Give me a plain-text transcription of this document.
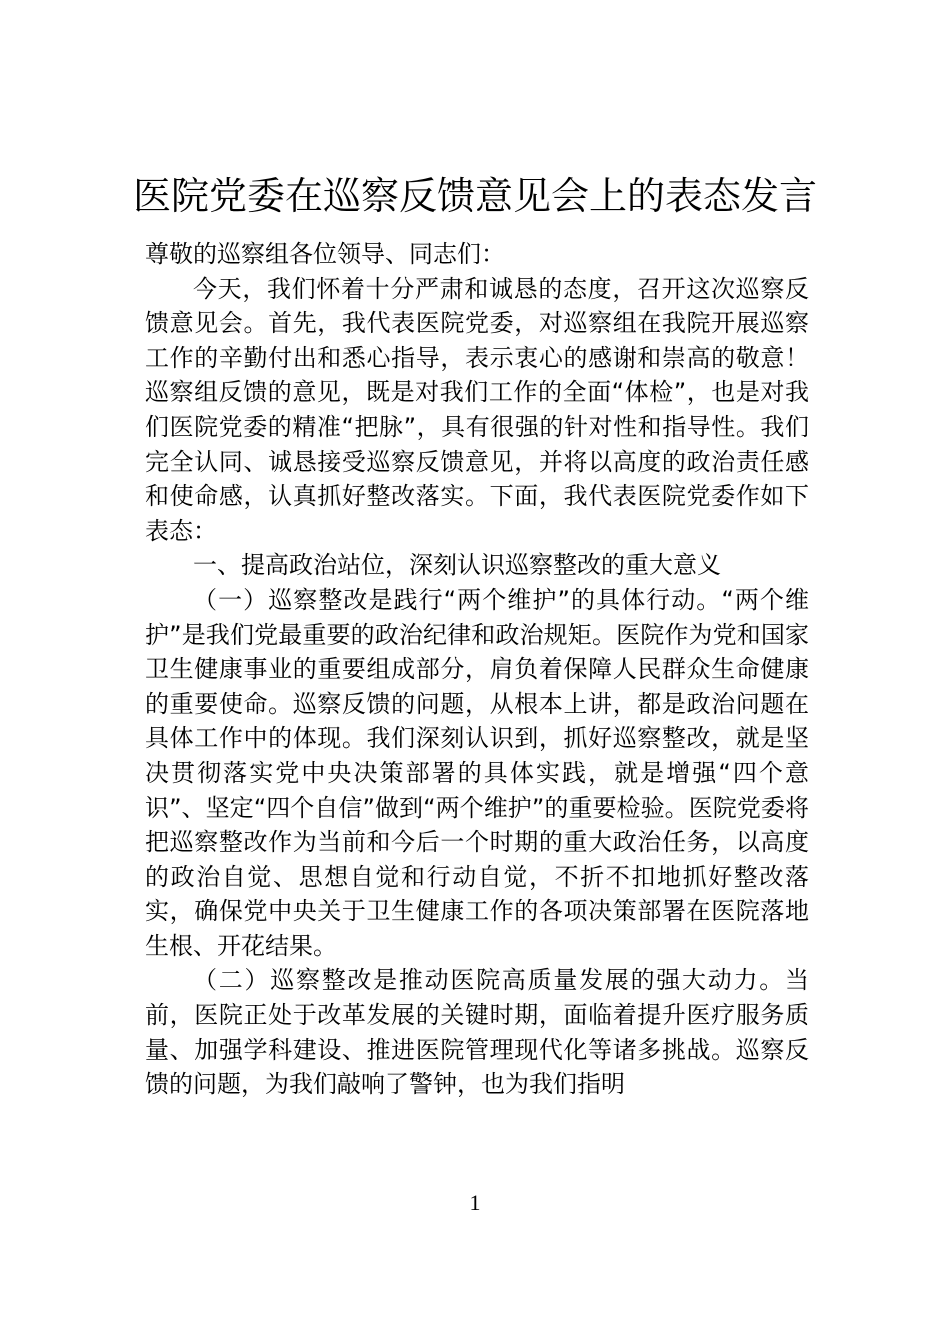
医院党委在巡察反馈意见会上的表态发言

尊敬的巡察组各位领导、同志们：

今天，我们怀着十分严肃和诚恳的态度，召开这次巡察反馈意见会。首先，我代表医院党委，对巡察组在我院开展巡察工作的辛勤付出和悉心指导，表示衷心的感谢和崇高的敬意！巡察组反馈的意见，既是对我们工作的全面“体检”，也是对我们医院党委的精准“把脉”，具有很强的针对性和指导性。我们完全认同、诚恳接受巡察反馈意见，并将以高度的政治责任感和使命感，认真抓好整改落实。下面，我代表医院党委作如下表态：

一、提高政治站位，深刻认识巡察整改的重大意义

（一）巡察整改是践行“两个维护”的具体行动。“两个维护”是我们党最重要的政治纪律和政治规矩。医院作为党和国家卫生健康事业的重要组成部分，肩负着保障人民群众生命健康的重要使命。巡察反馈的问题，从根本上讲，都是政治问题在具体工作中的体现。我们深刻认识到，抓好巡察整改，就是坚决贯彻落实党中央决策部署的具体实践，就是增强“四个意识”、坚定“四个自信”做到“两个维护”的重要检验。医院党委将把巡察整改作为当前和今后一个时期的重大政治任务，以高度的政治自觉、思想自觉和行动自觉，不折不扣地抓好整改落实，确保党中央关于卫生健康工作的各项决策部署在医院落地生根、开花结果。

（二）巡察整改是推动医院高质量发展的强大动力。当前，医院正处于改革发展的关键时期，面临着提升医疗服务质量、加强学科建设、推进医院管理现代化等诸多挑战。巡察反馈的问题，为我们敲响了警钟，也为我们指明

1
